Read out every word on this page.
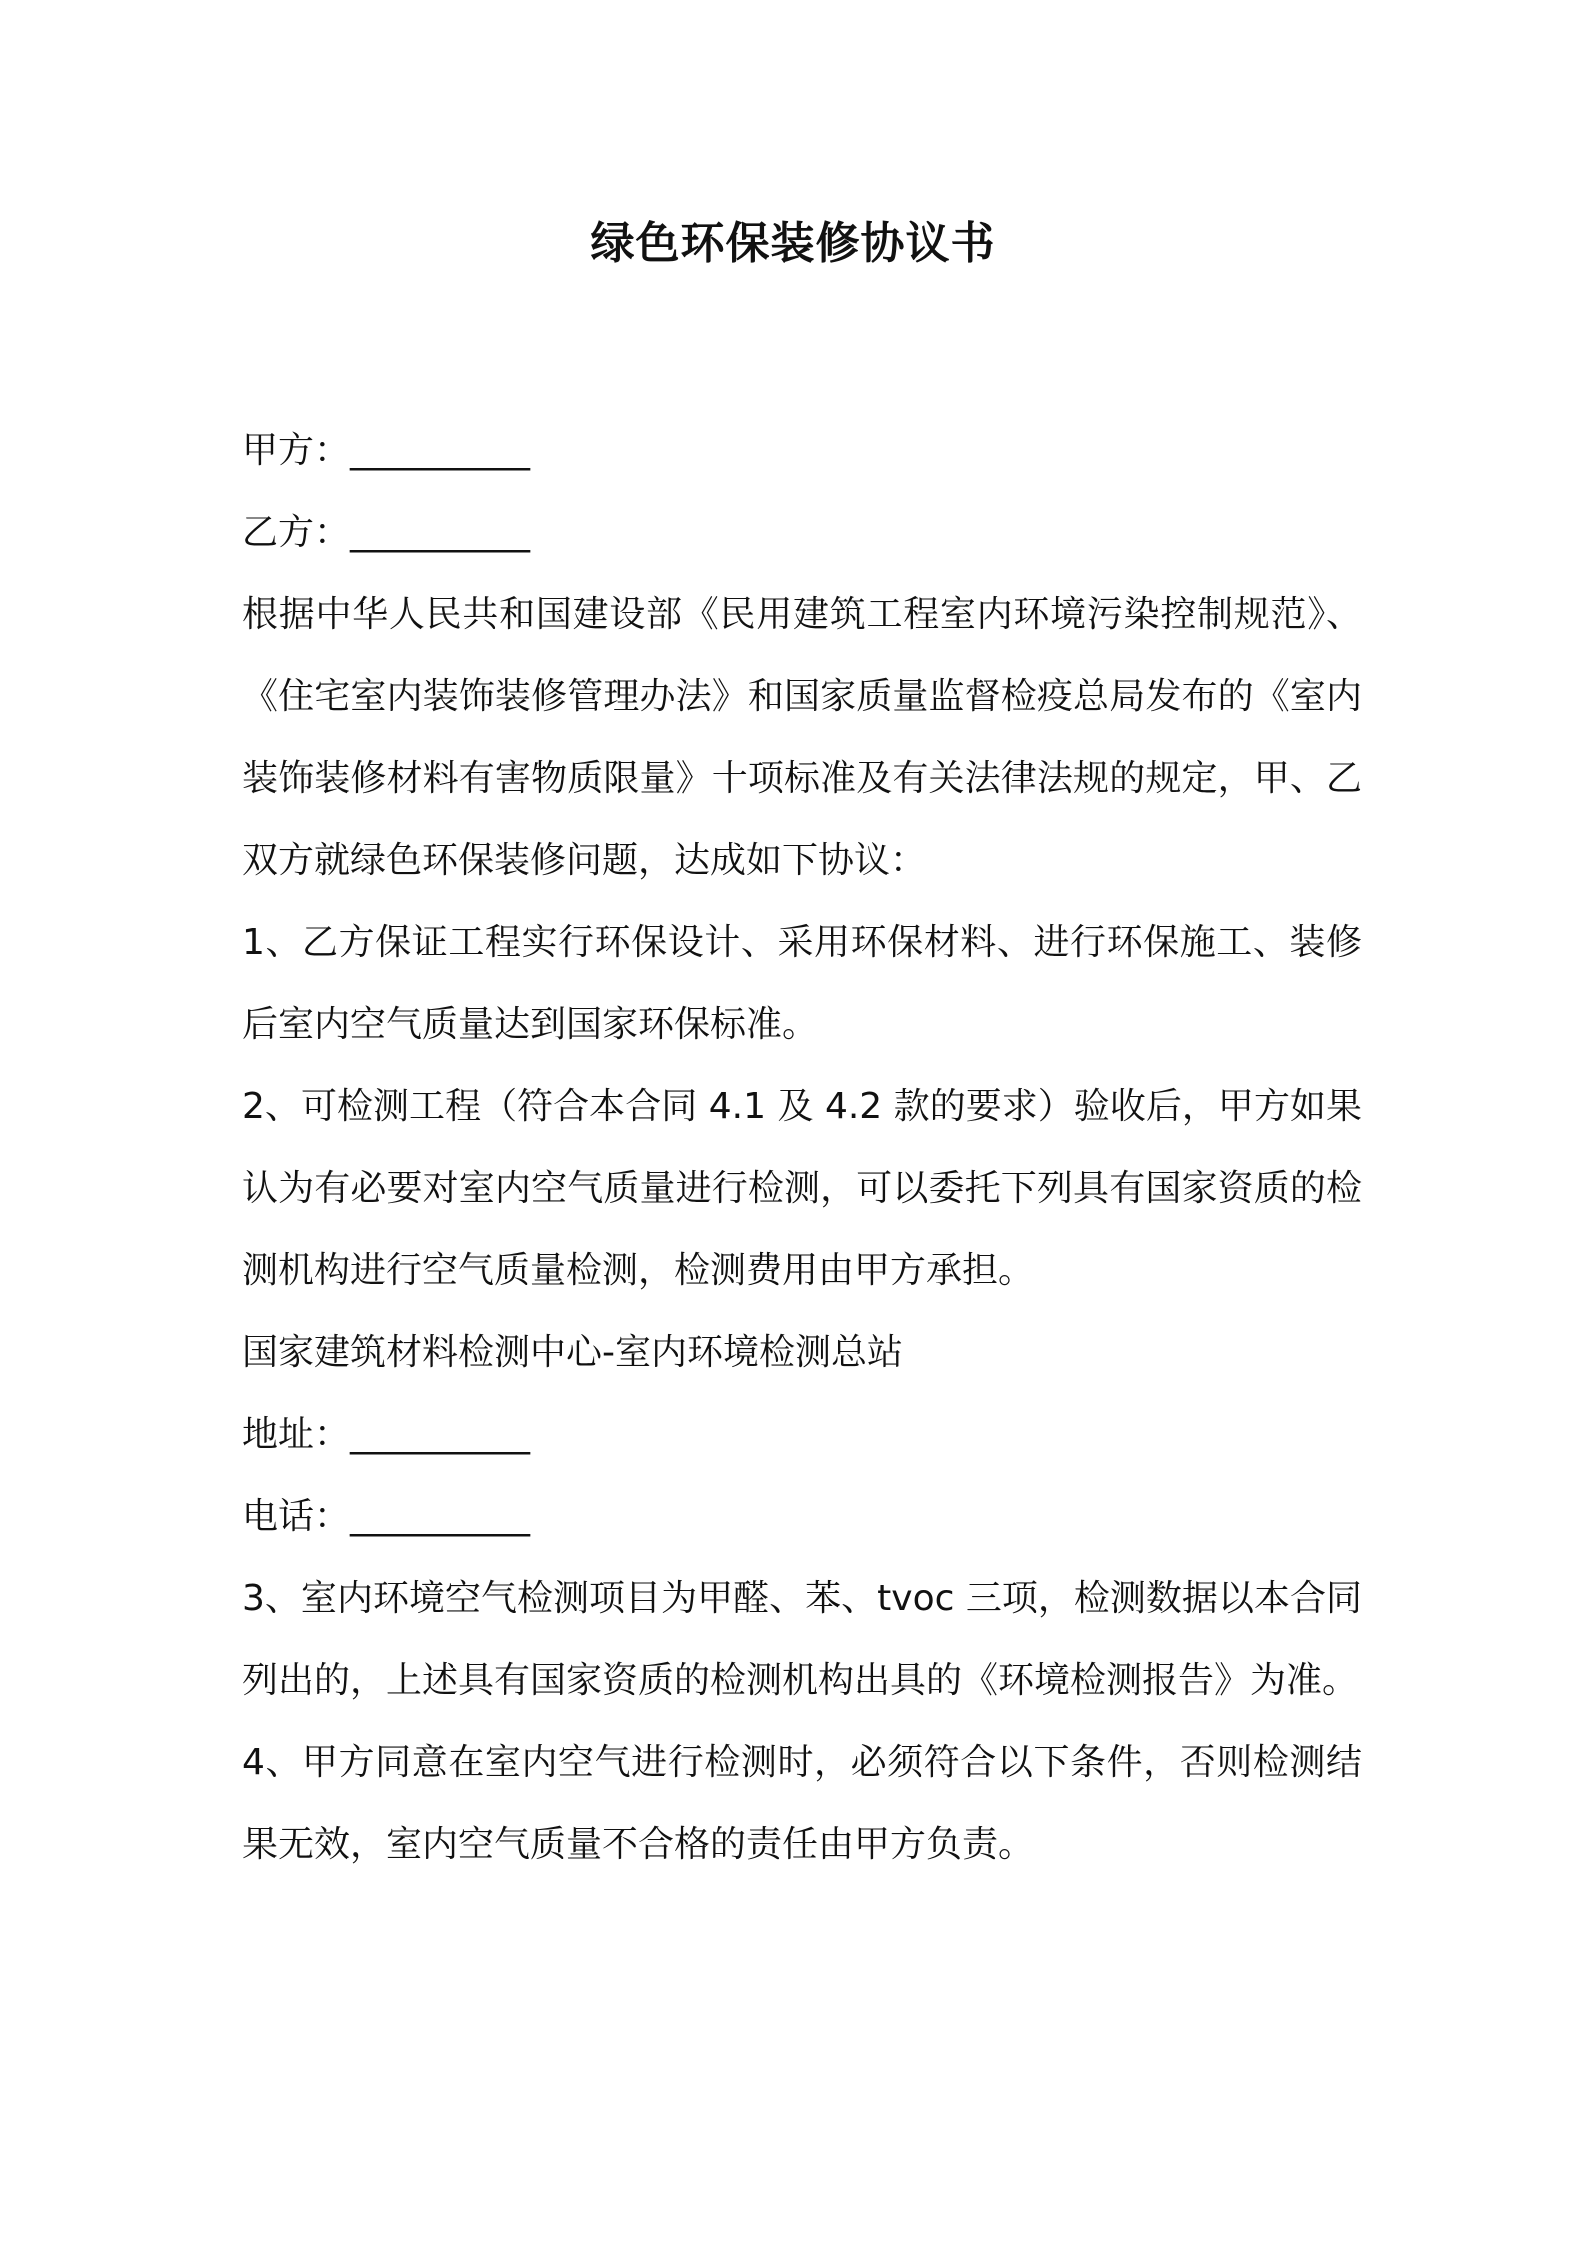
绿色环保装修协议书
甲方：__________
乙方：__________

根据中华人民共和国建设部《民用建筑工程室内环境污染控制规范》、《住宅室内装饰装修管理办法》和国家质量监督检疫总局发布的《室内装饰装修材料有害物质限量》十项标准及有关法律法规的规定，甲、乙双方就绿色环保装修问题，达成如下协议：

1、乙方保证工程实行环保设计、采用环保材料、进行环保施工、装修后室内空气质量达到国家环保标准。

2、可检测工程（符合本合同 4.1 及 4.2 款的要求）验收后，甲方如果认为有必要对室内空气质量进行检测，可以委托下列具有国家资质的检测机构进行空气质量检测，检测费用由甲方承担。

国家建筑材料检测中心-室内环境检测总站
地址：__________
电话：__________

3、室内环境空气检测项目为甲醛、苯、tvoc 三项，检测数据以本合同列出的，上述具有国家资质的检测机构出具的《环境检测报告》为准。

4、甲方同意在室内空气进行检测时，必须符合以下条件，否则检测结果无效，室内空气质量不合格的责任由甲方负责。
